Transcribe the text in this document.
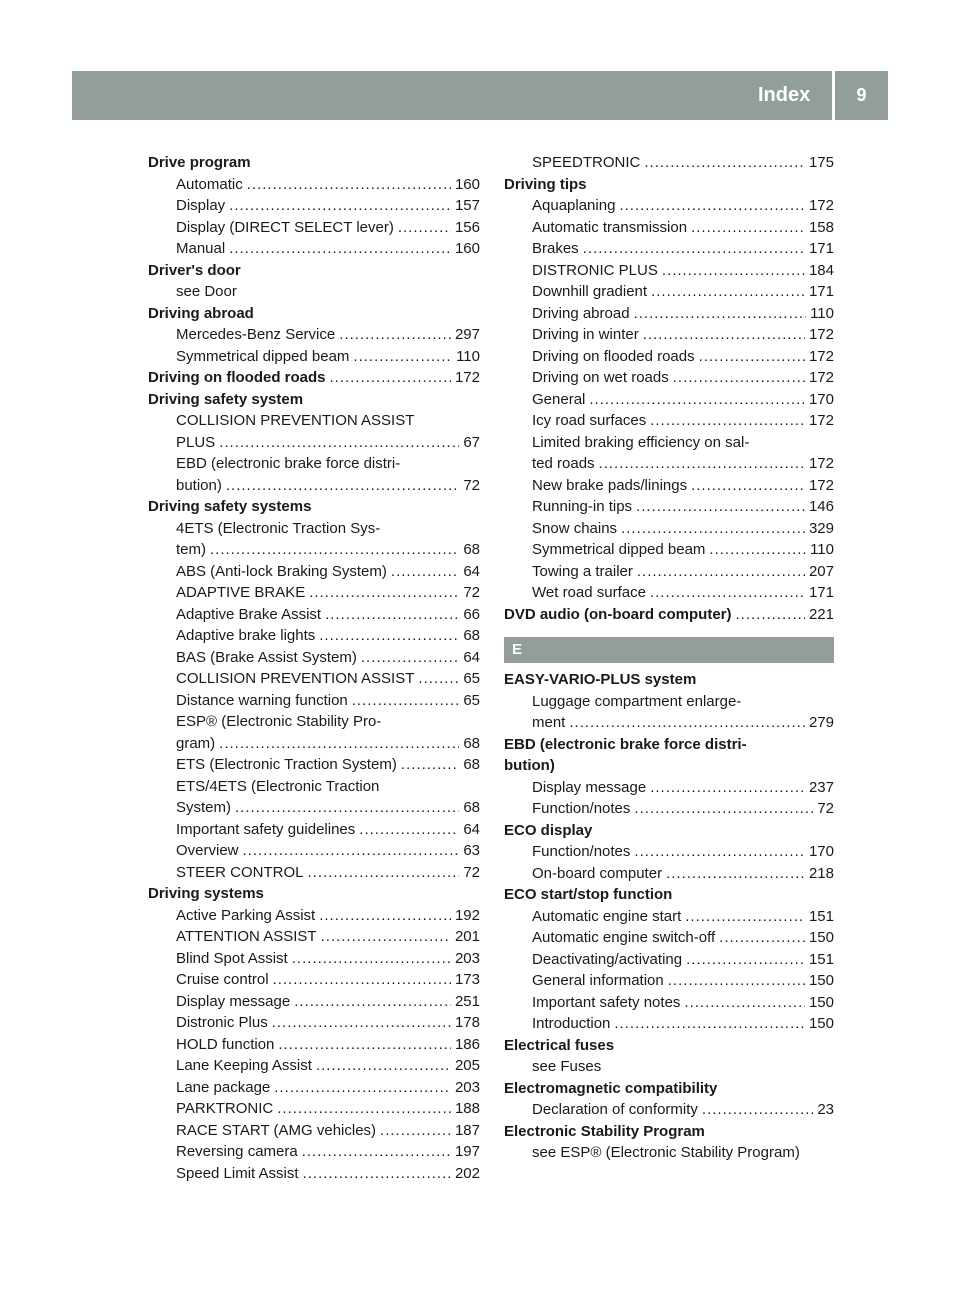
Index	9
Drive program
Automatic .....	160
Display .....	157
Display (DIRECT SELECT lever) .....	156
Manual .....	160
Driver's door
see Door
Driving abroad
Mercedes-Benz Service .....	297
Symmetrical dipped beam .....	110
Driving on flooded roads .....	172
Driving safety system
COLLISION PREVENTION ASSIST
PLUS .....	67
EBD (electronic brake force distri-
bution) .....	72
Driving safety systems
4ETS (Electronic Traction Sys-
tem) .....	68
ABS (Anti-lock Braking System) .....	64
ADAPTIVE BRAKE .....	72
Adaptive Brake Assist .....	66
Adaptive brake lights .....	68
BAS (Brake Assist System) .....	64
COLLISION PREVENTION ASSIST .....	65
Distance warning function .....	65
ESP® (Electronic Stability Pro-
gram) .....	68
ETS (Electronic Traction System) .....	68
ETS/4ETS (Electronic Traction
System) .....	68
Important safety guidelines .....	64
Overview .....	63
STEER CONTROL .....	72
Driving systems
Active Parking Assist .....	192
ATTENTION ASSIST .....	201
Blind Spot Assist .....	203
Cruise control .....	173
Display message .....	251
Distronic Plus .....	178
HOLD function .....	186
Lane Keeping Assist .....	205
Lane package .....	203
PARKTRONIC .....	188
RACE START (AMG vehicles) .....	187
Reversing camera .....	197
Speed Limit Assist .....	202
SPEEDTRONIC .....	175
Driving tips
Aquaplaning .....	172
Automatic transmission .....	158
Brakes .....	171
DISTRONIC PLUS .....	184
Downhill gradient .....	171
Driving abroad .....	110
Driving in winter .....	172
Driving on flooded roads .....	172
Driving on wet roads .....	172
General .....	170
Icy road surfaces .....	172
Limited braking efficiency on sal-
ted roads .....	172
New brake pads/linings .....	172
Running-in tips .....	146
Snow chains .....	329
Symmetrical dipped beam .....	110
Towing a trailer .....	207
Wet road surface .....	171
DVD audio (on-board computer) .....	221
E
EASY-VARIO-PLUS system
Luggage compartment enlarge-
ment .....	279
EBD (electronic brake force distri-
bution)
Display message .....	237
Function/notes .....	72
ECO display
Function/notes .....	170
On-board computer .....	218
ECO start/stop function
Automatic engine start .....	151
Automatic engine switch-off .....	150
Deactivating/activating .....	151
General information .....	150
Important safety notes .....	150
Introduction .....	150
Electrical fuses
see Fuses
Electromagnetic compatibility
Declaration of conformity .....	23
Electronic Stability Program
see ESP® (Electronic Stability Program)
